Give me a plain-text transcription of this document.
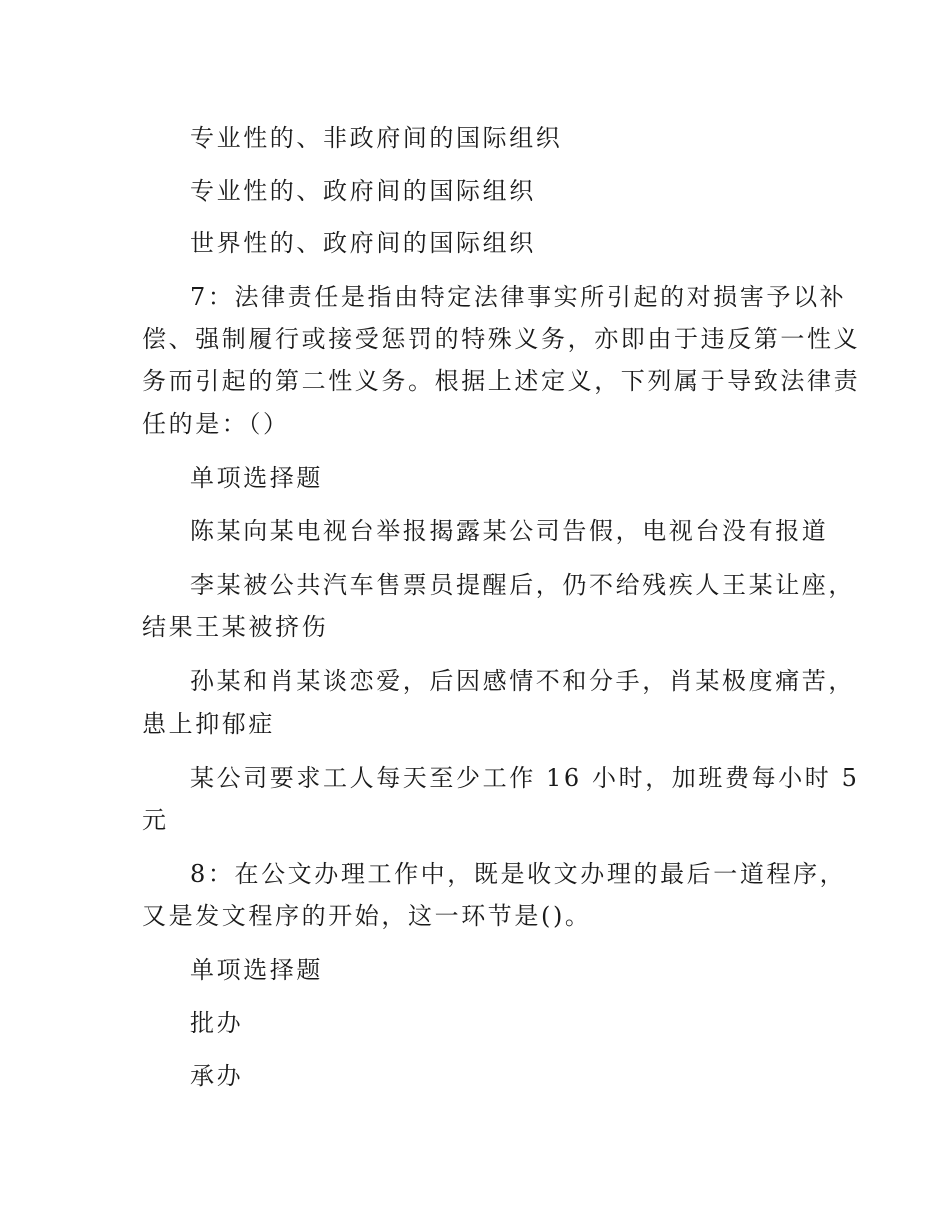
专业性的、非政府间的国际组织
专业性的、政府间的国际组织
世界性的、政府间的国际组织
7：法律责任是指由特定法律事实所引起的对损害予以补
偿、强制履行或接受惩罚的特殊义务，亦即由于违反第一性义
务而引起的第二性义务。根据上述定义，下列属于导致法律责
任的是：（）
单项选择题
陈某向某电视台举报揭露某公司告假，电视台没有报道
李某被公共汽车售票员提醒后，仍不给残疾人王某让座，
结果王某被挤伤
孙某和肖某谈恋爱，后因感情不和分手，肖某极度痛苦，
患上抑郁症
某公司要求工人每天至少工作 16 小时，加班费每小时 5
元
8：在公文办理工作中，既是收文办理的最后一道程序，
又是发文程序的开始，这一环节是()。
单项选择题
批办
承办
